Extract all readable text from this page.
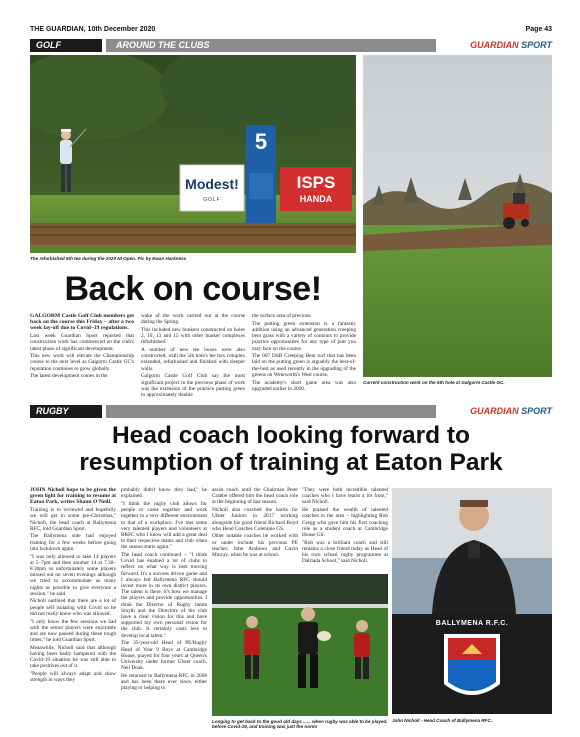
THE GUARDIAN, 10th December 2020	Page 43
GOLF	AROUND THE CLUBS	GUARDIAN SPORT
Modest!
GOLF
5
ISPS
HANDA
The refurbished 5th tee during the 2020 NI Open. Pic by Ewan Harkness
Current construction work on the 6th hole at Galgorm Castle GC.
Back on course!

GALGORM Castle Golf Club members get back on the course this Friday – after a two week lay-off due to Covid–19 regulations.

Last week Guardian Sport reported that construction work has commenced on the club's latest phase of significant development.

This new work will elevate the Championship course to the next level as Galgorm Castle GC's reputation continues to grow globally.

The latest development comes in the

wake of the work carried out at the course during the Spring.

This included new bunkers constructed on holes 2, 10, 13 and 15 with other bunker complexes refurbished.

A number of new tee boxes were also constructed, with the 5th hole's tee box complex extended, refurbished and finished with sleeper walls.

Galgorm Castle Golf Club say the most significant project in the previous phase of work was the extension of the practice putting green to approximately double

the surface area of previous.

The putting green extension is a fantastic addition using an advanced generation creeping bent grass with a variety of contours to provide practice opportunities for any type of putt you may face on the course.

The 007 DSB Creeping Bent turf that has been laid on the putting green is arguably the best-of-the-best as used recently in the upgrading of the greens on Wentworth's West course.

The academy's short game area was also upgraded earlier in 2020.

RUGBY	GUARDIAN SPORT
Head coach looking forward to
resumption of training at Eaton Park

JOHN Nicholl hope to be given the green light for training to resume at Eaton Park, writes Shaun O'Neill.

Training is to reviewed and hopefully we will get in some pre-Christmas," Nicholl, the head coach at Ballymena RFC, told Guardian Sport.

The Ballymena side had enjoyed training for a few weeks before going into lockdown again.

"I was only allowed to take 14 players at 5–7pm and then another 14 at 7.30–8.30pm so unfortunately some players missed out on seven evenings although we tried to accommodate as many nights as possible to give everyone a session," he said.

Nicholl outlined that there are a lot of people self isolating with Covid so he did not really know who was allowed.

"I only know the few sessions we had with the senior players were enjoyable and are now paused during these tough times," he told Guardian Sport.

Meanwhile, Nicholl said that although having been badly hampered with the Covid-19 situation he was still able to take positives out of it.

"People will always adapt and show strength in ways they

probably didn't know they had," he explained.

"I think the rugby club allows for people to come together and work together in a very different environment to that of a workplace. I've met some very talented players and volunteers at BRFC who I know will add a great deal to their respective teams and club when the season starts again."

The head coach continued – "I think Covid has enabled a lot of clubs to reflect on what way is best moving forward. It's a success driven game and I always felt Ballymena RFC should invest more in its own district players. The talent is there, it's how we manage the players and provide opportunities. I think the Director of Rugby Jamie Smyth and the Directors of the club have a clear vision for this and have supported my own personal vision for the club. It certainly costs less to develop local talent."

The 35-year-old Head of PE/Rugby Head of Year 9 Boys at Cambridge House, played for four years at Queen's University under former Ulster coach, Neil Doak.

He returned to Ballymena RFC in 2008 and has been there ever since, either playing or helping to

assist coach until the Chairman Peter Crabbe offered him the head coach role at the beginning of last season.

Nicholl also coached the backs for Ulster Juniors in 2017 working alongside his good friend Richard Boyd who Head Coaches Coleraine GS.

Other notable coaches he worked with or under include his previous PE teacher, John Andrews and Gavin Murray, when he was at school.

"They were both incredible talented coaches who I have learnt a lot from," said Nicholl.

He praised the wealth of talented coaches in the area – highlighting Rob Gregg who gave him his first coaching role as a student coach at Cambridge House GS.

"Rob was a brilliant coach and still remains a close friend today as Head of his own school rugby programme at Dalriada School," said Nicholl.

Longing to get back to the good old days ...... when rugby was able to be played, before Covid-19, and training was just the norm!
BALLYMENA R.F.C.
John Nicholl - Head Coach of Ballymena RFC..
